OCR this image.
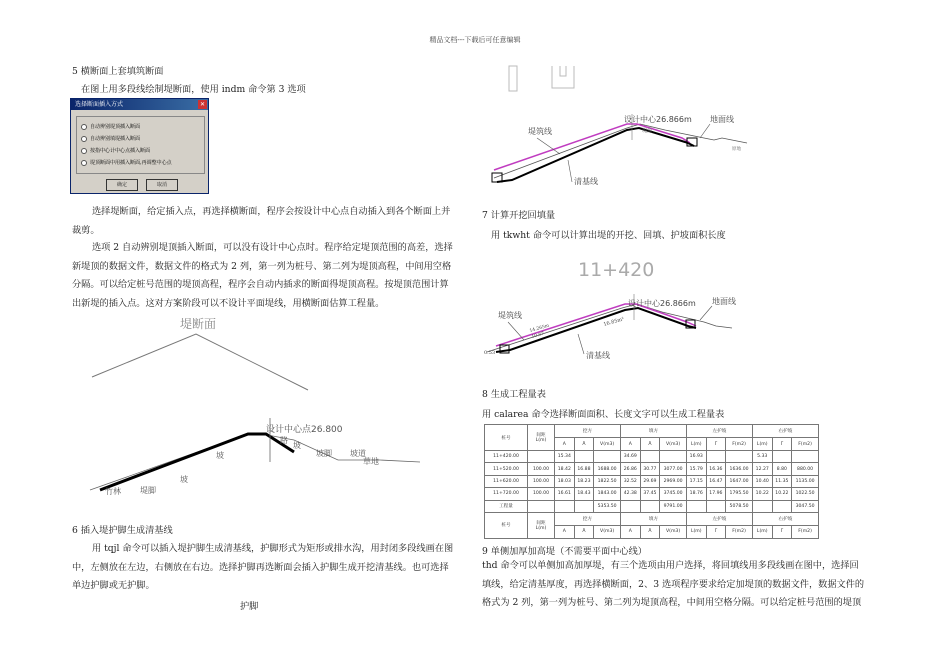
精品文档---下载后可任意编辑
5 横断面上套填筑断面
在图上用多段线绘制堤断面，使用 indm 命令第 3 选项
选择断面插入方式	✕
自动辨别堤顶插入断面
自动辨别填堤插入断面
按指中心计中心点插入断面
堤顶断面中用插入断面,再调整中心点
确定	取消
选择堤断面，给定插入点，再选择横断面，程序会按设计中心点自动插入到各个断面上并
裁剪。
选项 2 自动辨别堤顶插入断面，可以没有设计中心点时。程序给定堤顶范围的高差，选择
新堤顶的数据文件，数据文件的格式为 2 列，第一列为桩号、第二列为堤顶高程，中间用空格
分隔。可以给定桩号范围的堤顶高程，程序会自动内插求的断面得堤顶高程。按堤顶范围计算
出新堤的插入点。这对方案阶段可以不设计平面堤线，用横断面估算工程量。
堤断面
设计中心点26.800
竹林 堤脚
坡
坡
路
坡
坡脚 坡道
草地
6 插入堤护脚生成清基线
用 tqjl 命令可以插入堤护脚生成清基线，护脚形式为矩形或排水沟，用封闭多段线画在图
中，左侧放在左边，右侧放在右边。选择护脚再选断面会插入护脚生成开挖清基线。也可选择
单边护脚或无护脚。
护脚
设计中心26.866m
堤顶
堤筑线
地面线
清基线
原地
7 计算开挖回填量
用 tkwht 命令可以计算出堤的开挖、回填、护坡面积长度
11+420
设计中心26.866m
堤筑线
地面线
清基线
16.85m²
14.265m
10.67
0.53
8 生成工程量表
用 calarea 命令选择断面面积、长度文字可以生成工程量表
桩号	间距
L(m)	挖方			填方			左护坡			右护坡		
		A	Ā	V(m3)	A	Ā	V(m3)	L(m)	Γ	F(m2)	L(m)	Γ	F(m2)
11+420.00		15.34			34.69			16.93			5.33		
11+520.00	100.00	18.42	16.88	1688.00	26.86	30.77	3077.00	15.79	16.36	1636.00	12.27	8.80	880.00
11+620.00	100.00	18.03	18.23	1822.50	32.52	29.69	2969.00	17.15	16.47	1647.00	10.40	11.35	1135.00
11+720.00	100.00	16.61	18.43	1843.00	42.38	37.45	3745.00	18.76	17.96	1795.50	10.22	10.22	1022.50
工程量				5353.50			9791.00			5078.50			3047.50
桩号	间距
L(m)	挖方			填方			左护坡			右护坡		
		A	Ā	V(m3)	A	Ā	V(m3)	L(m)	Γ	F(m2)	L(m)	Γ	F(m2)
9 单侧加厚加高堤（不需要平面中心线）
thd 命令可以单侧加高加厚堤，有三个选项由用户选择，将回填线用多段线画在图中，选择回
填线，给定清基厚度，再选择横断面，2、3 选项程序要求给定加堤顶的数据文件，数据文件的
格式为 2 列，第一列为桩号、第二列为堤顶高程，中间用空格分隔。可以给定桩号范围的堤顶
